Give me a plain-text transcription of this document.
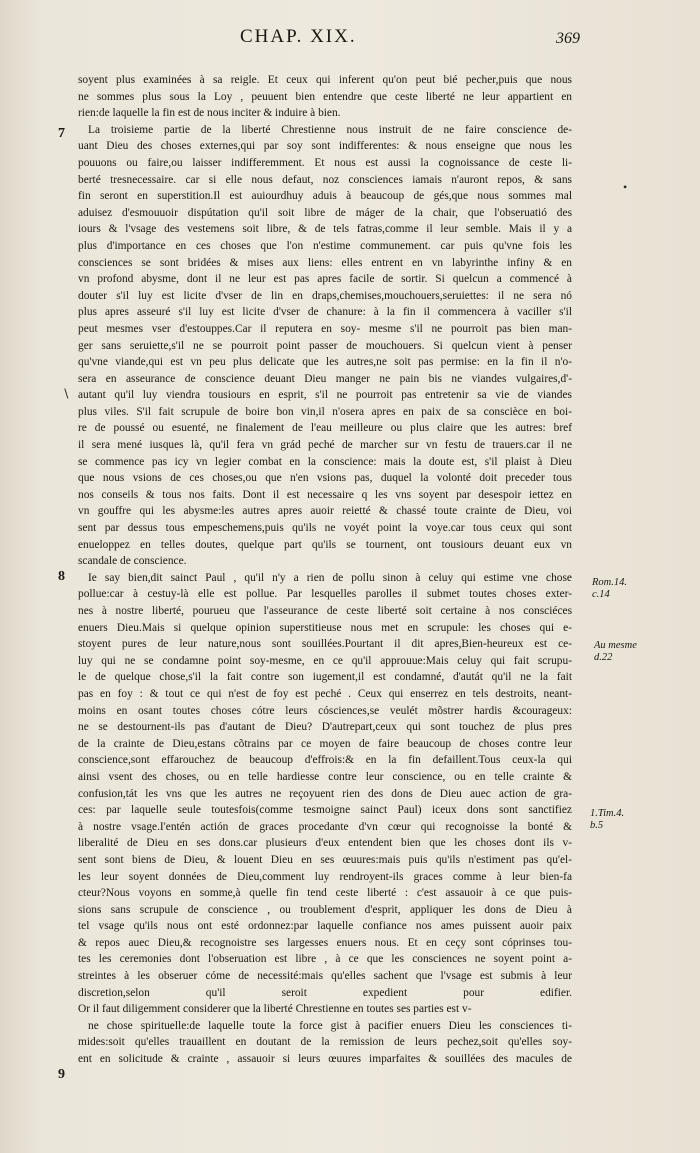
CHAP. XIX.	369
7
8
9
•
∖
Rom.14.
c.14
Au mesme
d.22
1.Tim.4.
b.5
soyent plus examinées à sa reigle. Et ceux qui inferent qu'on peut bié pecher,puis que nous
ne sommes plus sous la Loy , peuuent bien entendre que ceste liberté ne leur appartient en
rien:de laquelle la fin est de nous inciter & induire à bien.
La troisieme partie de la liberté Chrestienne nous instruit de ne faire conscience de-
uant Dieu des choses externes,qui par soy sont indifferentes: & nous enseigne que nous les
pouuons ou faire,ou laisser indifferemment. Et nous est aussi la cognoissance de ceste li-
berté tresnecessaire. car si elle nous defaut, noz consciences iamais n'auront repos, & sans
fin seront en superstition.Il est auiourdhuy aduis à beaucoup de gés,que nous sommes mal
aduisez d'esmouuoir dispútation qu'il soit libre de máger de la chair, que l'obseruatió des
iours & l'vsage des vestemens soit libre, & de tels fatras,comme il leur semble. Mais il y a
plus d'importance en ces choses que l'on n'estime communement. car puis qu'vne fois les
consciences se sont bridées & mises aux liens: elles entrent en vn labyrinthe infiny & en
vn profond abysme, dont il ne leur est pas apres facile de sortir. Si quelcun a commencé à
douter s'il luy est licite d'vser de lin en draps,chemises,mouchouers,seruiettes: il ne sera nó
plus apres asseuré s'il luy est licite d'vser de chanure: à la fin il commencera à vaciller s'il
peut mesmes vser d'estouppes.Car il reputera en soy- mesme s'il ne pourroit pas bien man-
ger sans seruiette,s'il ne se pourroit point passer de mouchouers. Si quelcun vient à penser
qu'vne viande,qui est vn peu plus delicate que les autres,ne soit pas permise: en la fin il n'o-
sera en asseurance de conscience deuant Dieu manger ne pain bis ne viandes vulgaires,d'-
autant qu'il luy viendra tousiours en esprit, s'il ne pourroit pas entretenir sa vie de viandes
plus viles. S'il fait scrupule de boire bon vin,il n'osera apres en paix de sa conscièce en boi-
re de poussé ou esuenté, ne finalement de l'eau meilleure ou plus claire que les autres: bref
il sera mené iusques là, qu'il fera vn grád peché de marcher sur vn festu de trauers.car il ne
se commence pas icy vn legier combat en la conscience: mais la doute est, s'il plaist à Dieu
que nous vsions de ces choses,ou que n'en vsions pas, duquel la volonté doit preceder tous
nos conseils & tous nos faits. Dont il est necessaire q les vns soyent par desespoir iettez en
vn gouffre qui les abysme:les autres apres auoir reietté & chassé toute crainte de Dieu, voi
sent par dessus tous empeschemens,puis qu'ils ne voyét point la voye.car tous ceux qui sont
enueloppez en telles doutes, quelque part qu'ils se tournent, ont tousiours deuant eux vn
scandale de conscience.
Ie say bien,dit sainct Paul , qu'il n'y a rien de pollu sinon à celuy qui estime vne chose
pollue:car à cestuy-là elle est pollue. Par lesquelles parolles il submet toutes choses exter-
nes à nostre liberté, pourueu que l'asseurance de ceste liberté soit certaine à nos consciéces
enuers Dieu.Mais si quelque opinion superstitieuse nous met en scrupule: les choses qui e-
stoyent pures de leur nature,nous sont souillées.Pourtant il dit apres,Bien-heureux est ce-
luy qui ne se condamne point soy-mesme, en ce qu'il approuue:Mais celuy qui fait scrupu-
le de quelque chose,s'il la fait contre son iugement,il est condamné, d'autát qu'il ne la fait
pas en foy : & tout ce qui n'est de foy est peché . Ceux qui enserrez en tels destroits, neant-
moins en osant toutes choses cótre leurs cósciences,se veulét mõstrer hardis &courageux:
ne se destournent-ils pas d'autant de Dieu? D'autrepart,ceux qui sont touchez de plus pres
de la crainte de Dieu,estans cõtrains par ce moyen de faire beaucoup de choses contre leur
conscience,sont effarouchez de beaucoup d'effrois:& en la fin defaillent.Tous ceux-la qui
ainsi vsent des choses, ou en telle hardiesse contre leur conscience, ou en telle crainte &
confusion,tát les vns que les autres ne reçoyuent rien des dons de Dieu auec action de gra-
ces: par laquelle seule toutesfois(comme tesmoigne sainct Paul) iceux dons sont sanctifiez
à nostre vsage.I'entén actión de graces procedante d'vn cœur qui recognoisse la bonté &
liberalité de Dieu en ses dons.car plusieurs d'eux entendent bien que les choses dont ils v-
sent sont biens de Dieu, & louent Dieu en ses œuures:mais puis qu'ils n'estiment pas qu'el-
les leur soyent données de Dieu,comment luy rendroyent-ils graces comme à leur bien-fa
cteur?Nous voyons en somme,à quelle fin tend ceste liberté : c'est assauoir à ce que puis-
sions sans scrupule de conscience , ou troublement d'esprit, appliquer les dons de Dieu à
tel vsage qu'ils nous ont esté ordonnez:par laquelle confiance nos ames puissent auoir paix
& repos auec Dieu,& recognoistre ses largesses enuers nous. Et en ceçy sont cóprinses tou-
tes les ceremonies dont l'obseruation est libre , à ce que les consciences ne soyent point a-
streintes à les obseruer cóme de necessité:mais qu'elles sachent que l'vsage est submis à leur
discretion,selon qu'il seroit expedient pour edifier.
Or il faut diligemment considerer que la liberté Chrestienne en toutes ses parties est v-
ne chose spirituelle:de laquelle toute la force gist à pacifier enuers Dieu les consciences ti-
mides:soit qu'elles trauaillent en doutant de la remission de leurs pechez,soit qu'elles soy-
ent en solicitude & crainte , assauoir si leurs œuures imparfaites & souillées des macules de
